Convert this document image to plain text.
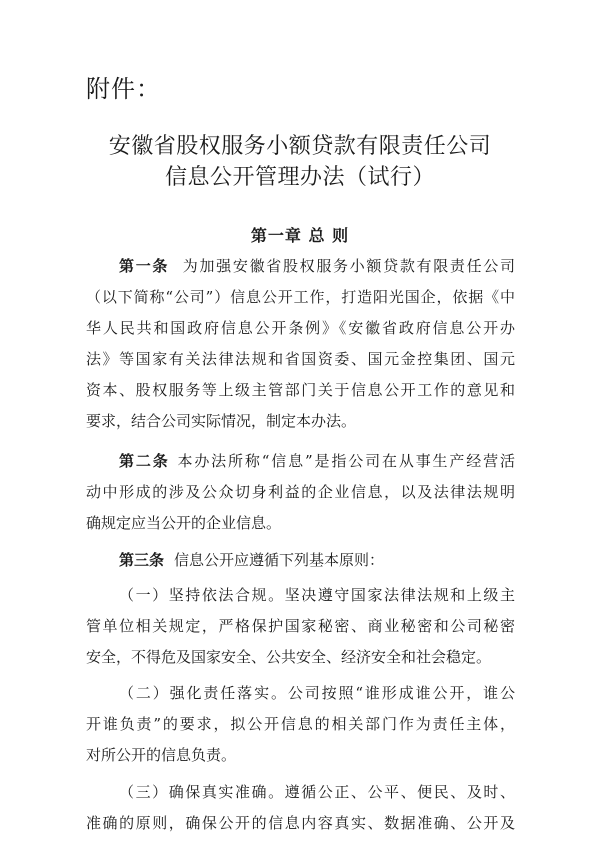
附件：
安徽省股权服务小额贷款有限责任公司
信息公开管理办法（试行）
第一章 总 则
第一条 为加强安徽省股权服务小额贷款有限责任公司
（以下简称“公司”）信息公开工作，打造阳光国企，依据《中
华人民共和国政府信息公开条例》《安徽省政府信息公开办
法》等国家有关法律法规和省国资委、国元金控集团、国元
资本、股权服务等上级主管部门关于信息公开工作的意见和
要求，结合公司实际情况，制定本办法。
第二条 本办法所称“信息”是指公司在从事生产经营活
动中形成的涉及公众切身利益的企业信息，以及法律法规明
确规定应当公开的企业信息。
第三条 信息公开应遵循下列基本原则：
（一）坚持依法合规。坚决遵守国家法律法规和上级主
管单位相关规定，严格保护国家秘密、商业秘密和公司秘密
安全，不得危及国家安全、公共安全、经济安全和社会稳定。
（二）强化责任落实。公司按照“谁形成谁公开，谁公
开谁负责”的要求，拟公开信息的相关部门作为责任主体，
对所公开的信息负责。
（三）确保真实准确。遵循公正、公平、便民、及时、
准确的原则，确保公开的信息内容真实、数据准确、公开及
